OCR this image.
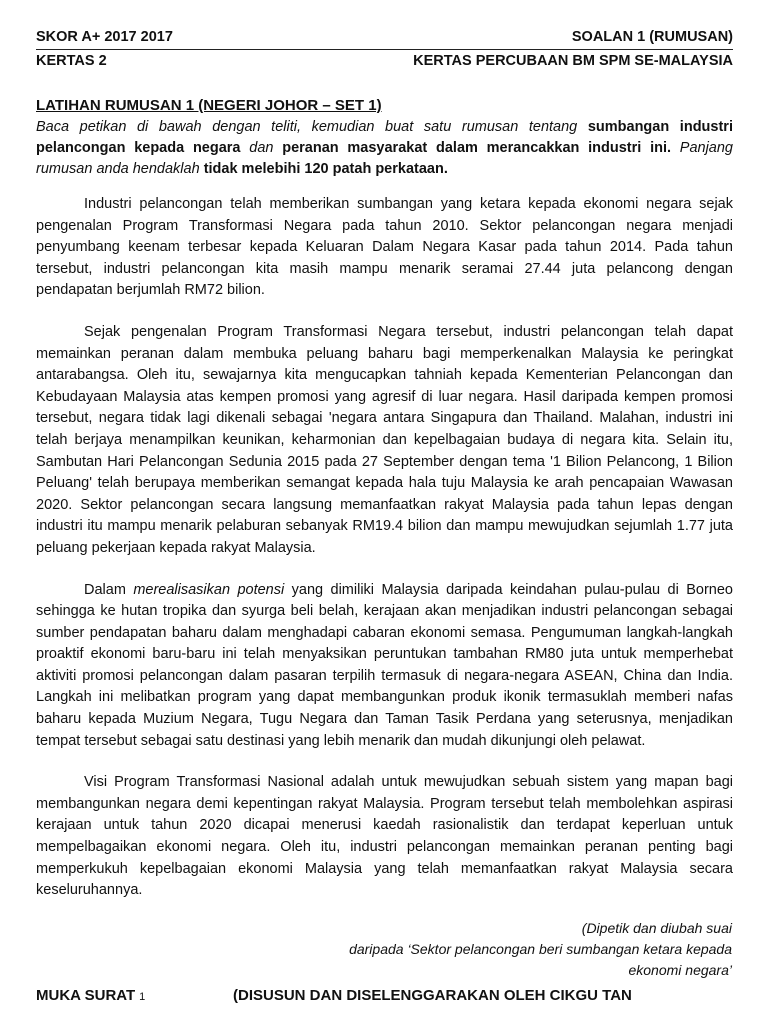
SKOR A+ 2017 2017	SOALAN 1 (RUMUSAN)
KERTAS 2	KERTAS PERCUBAAN BM SPM SE-MALAYSIA
LATIHAN RUMUSAN 1 (NEGERI JOHOR – SET 1)
Baca petikan di bawah dengan teliti, kemudian buat satu rumusan tentang sumbangan industri pelancongan kepada negara dan peranan masyarakat dalam merancakkan industri ini. Panjang rumusan anda hendaklah tidak melebihi 120 patah perkataan.

Industri pelancongan telah memberikan sumbangan yang ketara kepada ekonomi negara sejak pengenalan Program Transformasi Negara pada tahun 2010. Sektor pelancongan negara menjadi penyumbang keenam terbesar kepada Keluaran Dalam Negara Kasar pada tahun 2014. Pada tahun tersebut, industri pelancongan kita masih mampu menarik seramai 27.44 juta pelancong dengan pendapatan berjumlah RM72 bilion.

Sejak pengenalan Program Transformasi Negara tersebut, industri pelancongan telah dapat memainkan peranan dalam membuka peluang baharu bagi memperkenalkan Malaysia ke peringkat antarabangsa. Oleh itu, sewajarnya kita mengucapkan tahniah kepada Kementerian Pelancongan dan Kebudayaan Malaysia atas kempen promosi yang agresif di luar negara. Hasil daripada kempen promosi tersebut, negara tidak lagi dikenali sebagai 'negara antara Singapura dan Thailand. Malahan, industri ini telah berjaya menampilkan keunikan, keharmonian dan kepelbagaian budaya di negara kita. Selain itu, Sambutan Hari Pelancongan Sedunia 2015 pada 27 September dengan tema '1 Bilion Pelancong, 1 Bilion Peluang' telah berupaya memberikan semangat kepada hala tuju Malaysia ke arah pencapaian Wawasan 2020. Sektor pelancongan secara langsung memanfaatkan rakyat Malaysia pada tahun lepas dengan industri itu mampu menarik pelaburan sebanyak RM19.4 bilion dan mampu mewujudkan sejumlah 1.77 juta peluang pekerjaan kepada rakyat Malaysia.

Dalam merealisasikan potensi yang dimiliki Malaysia daripada keindahan pulau-pulau di Borneo sehingga ke hutan tropika dan syurga beli belah, kerajaan akan menjadikan industri pelancongan sebagai sumber pendapatan baharu dalam menghadapi cabaran ekonomi semasa. Pengumuman langkah-langkah proaktif ekonomi baru-baru ini telah menyaksikan peruntukan tambahan RM80 juta untuk memperhebat aktiviti promosi pelancongan dalam pasaran terpilih termasuk di negara-negara ASEAN, China dan India. Langkah ini melibatkan program yang dapat membangunkan produk ikonik termasuklah memberi nafas baharu kepada Muzium Negara, Tugu Negara dan Taman Tasik Perdana yang seterusnya, menjadikan tempat tersebut sebagai satu destinasi yang lebih menarik dan mudah dikunjungi oleh pelawat.

Visi Program Transformasi Nasional adalah untuk mewujudkan sebuah sistem yang mapan bagi membangunkan negara demi kepentingan rakyat Malaysia. Program tersebut telah membolehkan aspirasi kerajaan untuk tahun 2020 dicapai menerusi kaedah rasionalistik dan terdapat keperluan untuk mempelbagaikan ekonomi negara. Oleh itu, industri pelancongan memainkan peranan penting bagi memperkukuh kepelbagaian ekonomi Malaysia yang telah memanfaatkan rakyat Malaysia secara keseluruhannya.

(Dipetik dan diubah suai
daripada ‘Sektor pelancongan beri sumbangan ketara kepada
ekonomi negara’
MUKA SURAT 1	(DISUSUN DAN DISELENGGARAKAN OLEH CIKGU TAN
